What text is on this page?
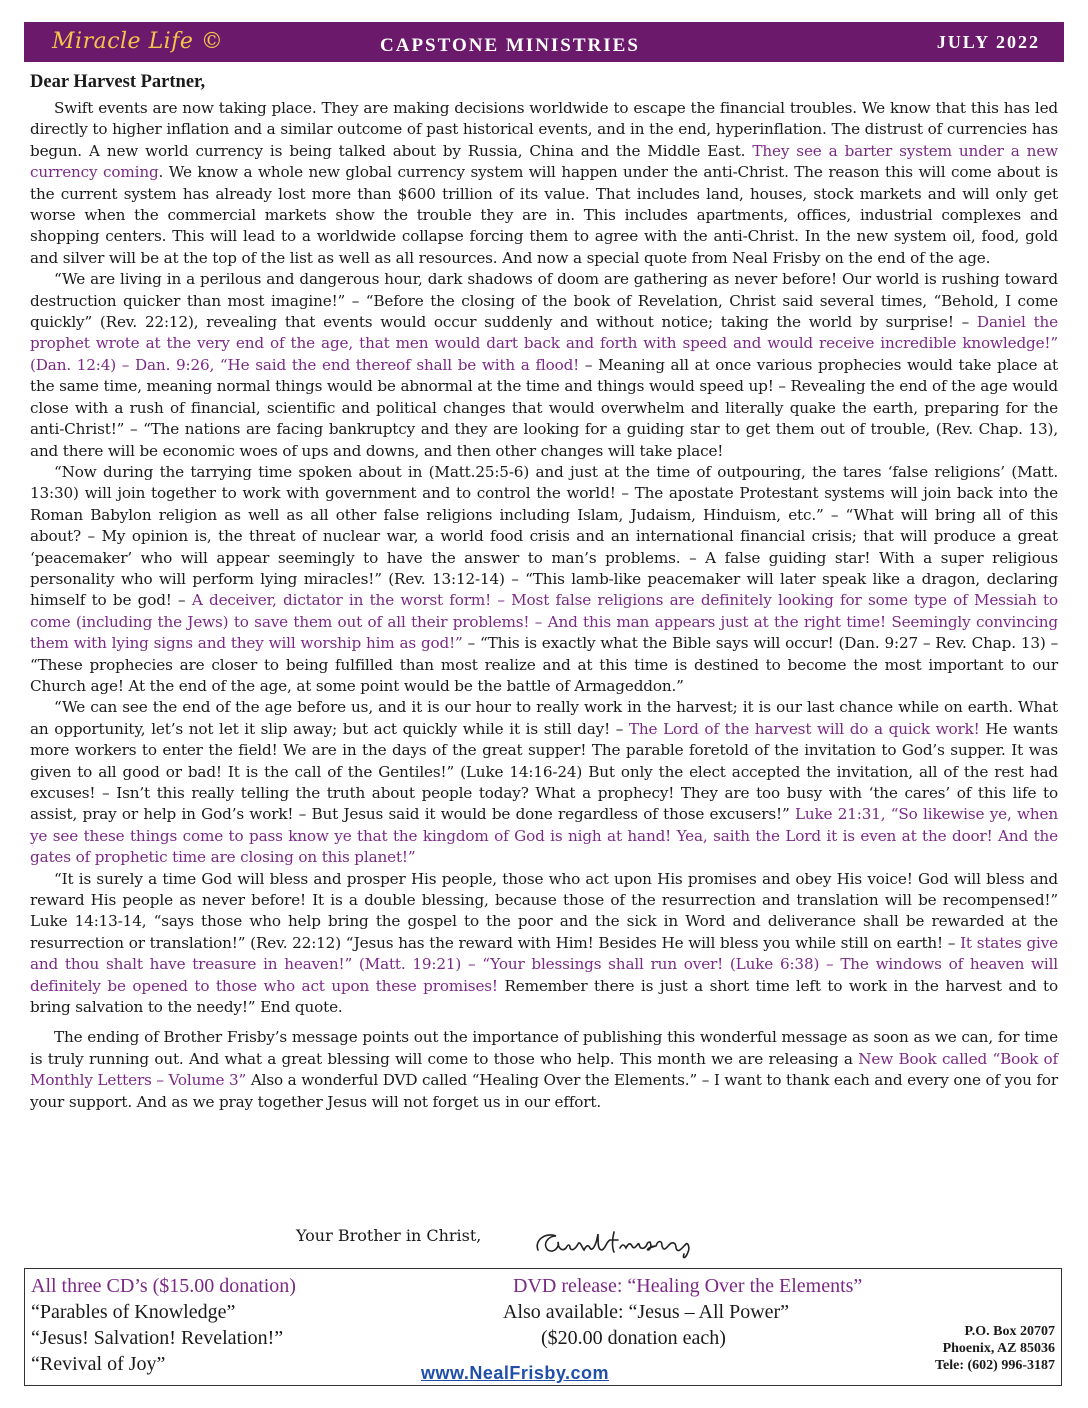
Miracle Life ©	CAPSTONE MINISTRIES	JULY 2022
Dear Harvest Partner,

Swift events are now taking place. They are making decisions worldwide to escape the financial troubles. We know that this has led directly to higher inflation and a similar outcome of past historical events, and in the end, hyperinflation. The distrust of currencies has begun. A new world currency is being talked about by Russia, China and the Middle East. They see a barter system under a new currency coming. We know a whole new global currency system will happen under the anti-Christ. The reason this will come about is the current system has already lost more than $600 trillion of its value. That includes land, houses, stock markets and will only get worse when the commercial markets show the trouble they are in. This includes apartments, offices, industrial complexes and shopping centers. This will lead to a worldwide collapse forcing them to agree with the anti-Christ. In the new system oil, food, gold and silver will be at the top of the list as well as all resources. And now a special quote from Neal Frisby on the end of the age.

“We are living in a perilous and dangerous hour, dark shadows of doom are gathering as never before! Our world is rushing toward destruction quicker than most imagine!” – “Before the closing of the book of Revelation, Christ said several times, “Behold, I come quickly” (Rev. 22:12), revealing that events would occur suddenly and without notice; taking the world by surprise! – Daniel the prophet wrote at the very end of the age, that men would dart back and forth with speed and would receive incredible knowledge!” (Dan. 12:4) – Dan. 9:26, “He said the end thereof shall be with a flood! – Meaning all at once various prophecies would take place at the same time, meaning normal things would be abnormal at the time and things would speed up! – Revealing the end of the age would close with a rush of financial, scientific and political changes that would overwhelm and literally quake the earth, preparing for the anti-Christ!” – “The nations are facing bankruptcy and they are looking for a guiding star to get them out of trouble, (Rev. Chap. 13), and there will be economic woes of ups and downs, and then other changes will take place!

“Now during the tarrying time spoken about in (Matt.25:5-6) and just at the time of outpouring, the tares ‘false religions’ (Matt. 13:30) will join together to work with government and to control the world! – The apostate Protestant systems will join back into the Roman Babylon religion as well as all other false religions including Islam, Judaism, Hinduism, etc.” – “What will bring all of this about? – My opinion is, the threat of nuclear war, a world food crisis and an international financial crisis; that will produce a great ‘peacemaker’ who will appear seemingly to have the answer to man’s problems. – A false guiding star! With a super religious personality who will perform lying miracles!” (Rev. 13:12-14) – “This lamb-like peacemaker will later speak like a dragon, declaring himself to be god! – A deceiver, dictator in the worst form! – Most false religions are definitely looking for some type of Messiah to come (including the Jews) to save them out of all their problems! – And this man appears just at the right time! Seemingly convincing them with lying signs and they will worship him as god!” – “This is exactly what the Bible says will occur! (Dan. 9:27 – Rev. Chap. 13) – “These prophecies are closer to being fulfilled than most realize and at this time is destined to become the most important to our Church age! At the end of the age, at some point would be the battle of Armageddon.”

“We can see the end of the age before us, and it is our hour to really work in the harvest; it is our last chance while on earth. What an opportunity, let’s not let it slip away; but act quickly while it is still day! – The Lord of the harvest will do a quick work! He wants more workers to enter the field! We are in the days of the great supper! The parable foretold of the invitation to God’s supper. It was given to all good or bad! It is the call of the Gentiles!” (Luke 14:16-24) But only the elect accepted the invitation, all of the rest had excuses! – Isn’t this really telling the truth about people today? What a prophecy! They are too busy with ‘the cares’ of this life to assist, pray or help in God’s work! – But Jesus said it would be done regardless of those excusers!” Luke 21:31, “So likewise ye, when ye see these things come to pass know ye that the kingdom of God is nigh at hand! Yea, saith the Lord it is even at the door! And the gates of prophetic time are closing on this planet!”

“It is surely a time God will bless and prosper His people, those who act upon His promises and obey His voice! God will bless and reward His people as never before! It is a double blessing, because those of the resurrection and translation will be recompensed!” Luke 14:13-14, “says those who help bring the gospel to the poor and the sick in Word and deliverance shall be rewarded at the resurrection or translation!” (Rev. 22:12) “Jesus has the reward with Him! Besides He will bless you while still on earth! – It states give and thou shalt have treasure in heaven!” (Matt. 19:21) – “Your blessings shall run over! (Luke 6:38) – The windows of heaven will definitely be opened to those who act upon these promises! Remember there is just a short time left to work in the harvest and to bring salvation to the needy!” End quote.

The ending of Brother Frisby’s message points out the importance of publishing this wonderful message as soon as we can, for time is truly running out. And what a great blessing will come to those who help. This month we are releasing a New Book called “Book of Monthly Letters – Volume 3” Also a wonderful DVD called “Healing Over the Elements.” – I want to thank each and every one of you for your support. And as we pray together Jesus will not forget us in our effort.

Your Brother in Christ,
All three CD’s ($15.00 donation)
“Parables of Knowledge”
“Jesus! Salvation! Revelation!”
“Revival of Joy”
DVD release: “Healing Over the Elements”
Also available: “Jesus – All Power”
($20.00 donation each)	P.O. Box 20707
Phoenix, AZ 85036
Tele: (602) 996-3187
www.NealFrisby.com
